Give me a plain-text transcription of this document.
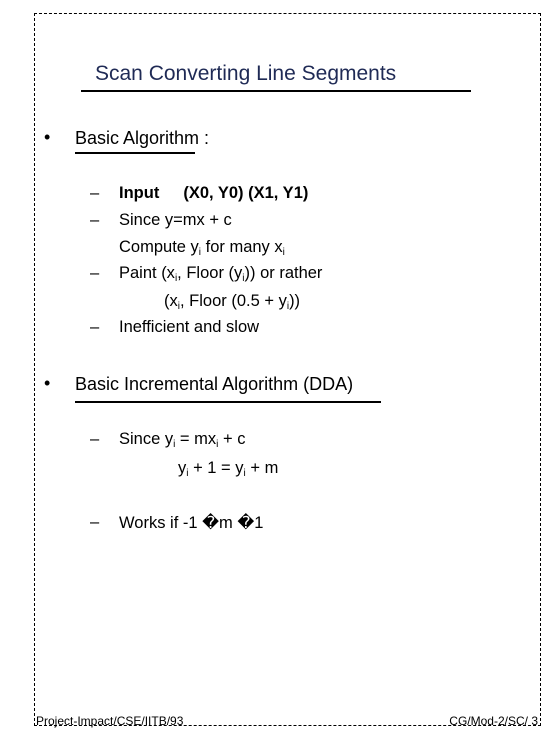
Scan Converting Line Segments
• Basic Algorithm :
– Input (X0, Y0) (X1, Y1)
– Since y=mx + c
Compute $y_i$ for many $x_i$
– Paint ($x_i$, Floor $(y_i)$) or rather
($x_i$, Floor $(0.5 + y_i)$)
– Inefficient and slow
• Basic Incremental Algorithm (DDA)
– Since $y_i = mx_i + c$
$y_i + 1 = y_i + m$
– Works if -1 �m �1
Project-Impact/CSE/IITB/93	CG/Mod-2/SC/ 3
